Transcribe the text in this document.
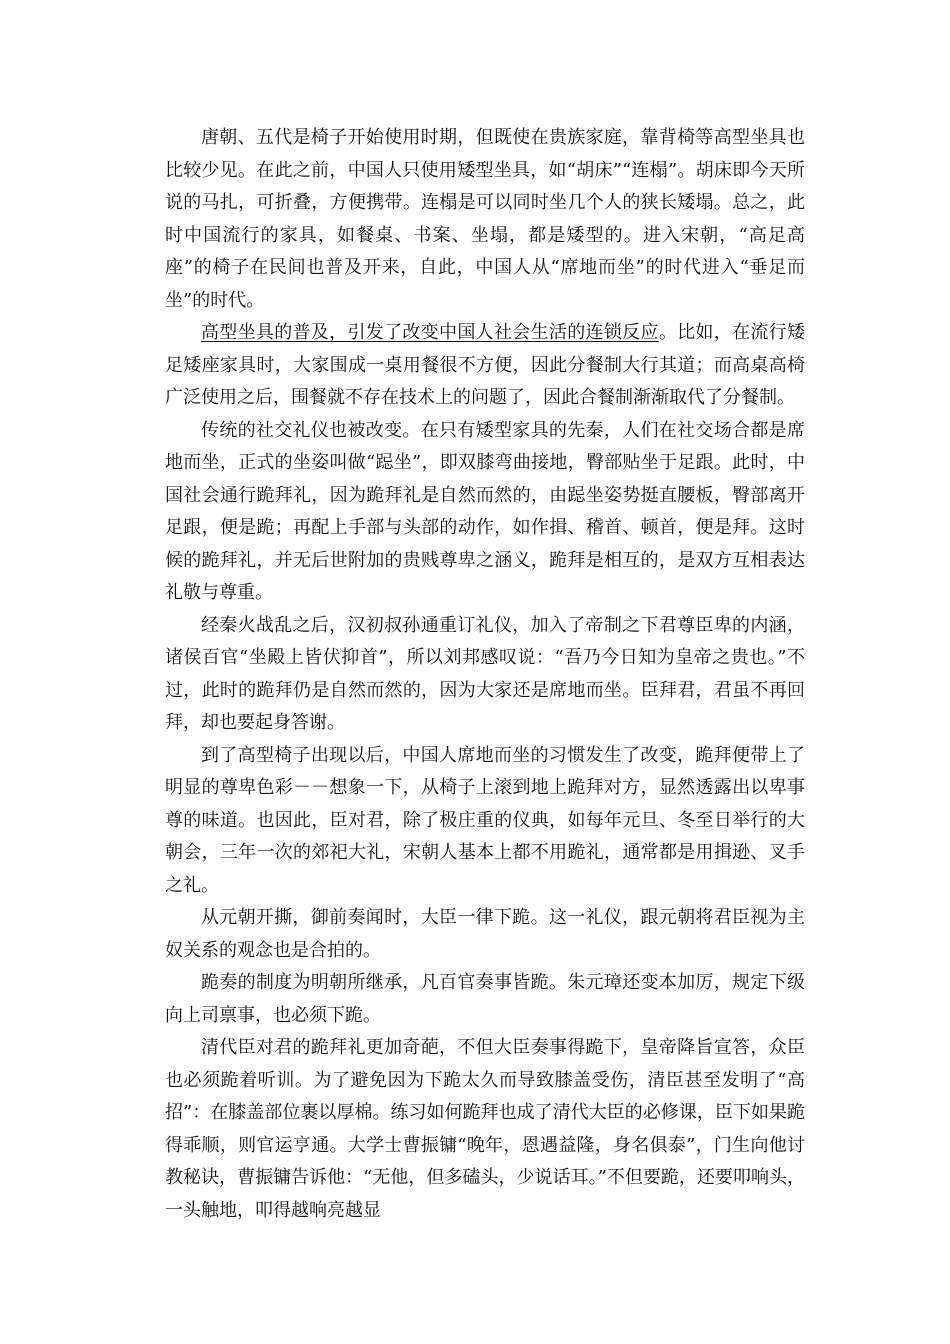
唐朝、五代是椅子开始使用时期，但既使在贵族家庭，靠背椅等高型坐具也比较少见。在此之前，中国人只使用矮型坐具，如“胡床”“连榻”。胡床即今天所说的马扎，可折叠，方便携带。连榻是可以同时坐几个人的狭长矮塌。总之，此时中国流行的家具，如餐桌、书案、坐塌，都是矮型的。进入宋朝，“高足高座”的椅子在民间也普及开来，自此，中国人从“席地而坐”的时代进入“垂足而坐”的时代。

高型坐具的普及，引发了改变中国人社会生活的连锁反应。比如，在流行矮足矮座家具时，大家围成一桌用餐很不方便，因此分餐制大行其道；而高桌高椅广泛使用之后，围餐就不存在技术上的问题了，因此合餐制渐渐取代了分餐制。

传统的社交礼仪也被改变。在只有矮型家具的先秦，人们在社交场合都是席地而坐，正式的坐姿叫做“跽坐”，即双膝弯曲接地，臀部贴坐于足跟。此时，中国社会通行跪拜礼，因为跪拜礼是自然而然的，由跽坐姿势挺直腰板，臀部离开足跟，便是跪；再配上手部与头部的动作，如作揖、稽首、顿首，便是拜。这时候的跪拜礼，并无后世附加的贵贱尊卑之涵义，跪拜是相互的，是双方互相表达礼敬与尊重。

经秦火战乱之后，汉初叔孙通重订礼仪，加入了帝制之下君尊臣卑的内涵，诸侯百官“坐殿上皆伏抑首”，所以刘邦感叹说：“吾乃今日知为皇帝之贵也。”不过，此时的跪拜仍是自然而然的，因为大家还是席地而坐。臣拜君，君虽不再回拜，却也要起身答谢。

到了高型椅子出现以后，中国人席地而坐的习惯发生了改变，跪拜便带上了明显的尊卑色彩－－想象一下，从椅子上滚到地上跪拜对方，显然透露出以卑事尊的味道。也因此，臣对君，除了极庄重的仪典，如每年元旦、冬至日举行的大朝会，三年一次的郊祀大礼，宋朝人基本上都不用跪礼，通常都是用揖逊、叉手之礼。

从元朝开撕，御前奏闻时，大臣一律下跪。这一礼仪，跟元朝将君臣视为主奴关系的观念也是合拍的。

跪奏的制度为明朝所继承，凡百官奏事皆跪。朱元璋还变本加厉，规定下级向上司禀事，也必须下跪。

清代臣对君的跪拜礼更加奇葩，不但大臣奏事得跪下，皇帝降旨宣答，众臣也必须跪着听训。为了避免因为下跪太久而导致膝盖受伤，清臣甚至发明了“高招”：在膝盖部位裹以厚棉。练习如何跪拜也成了清代大臣的必修课，臣下如果跪得乖顺，则官运亨通。大学士曹振镛“晚年，恩遇益隆，身名俱泰”，门生向他讨教秘诀，曹振镛告诉他：“无他，但多磕头，少说话耳。”不但要跪，还要叩响头，一头触地，叩得越响亮越显
